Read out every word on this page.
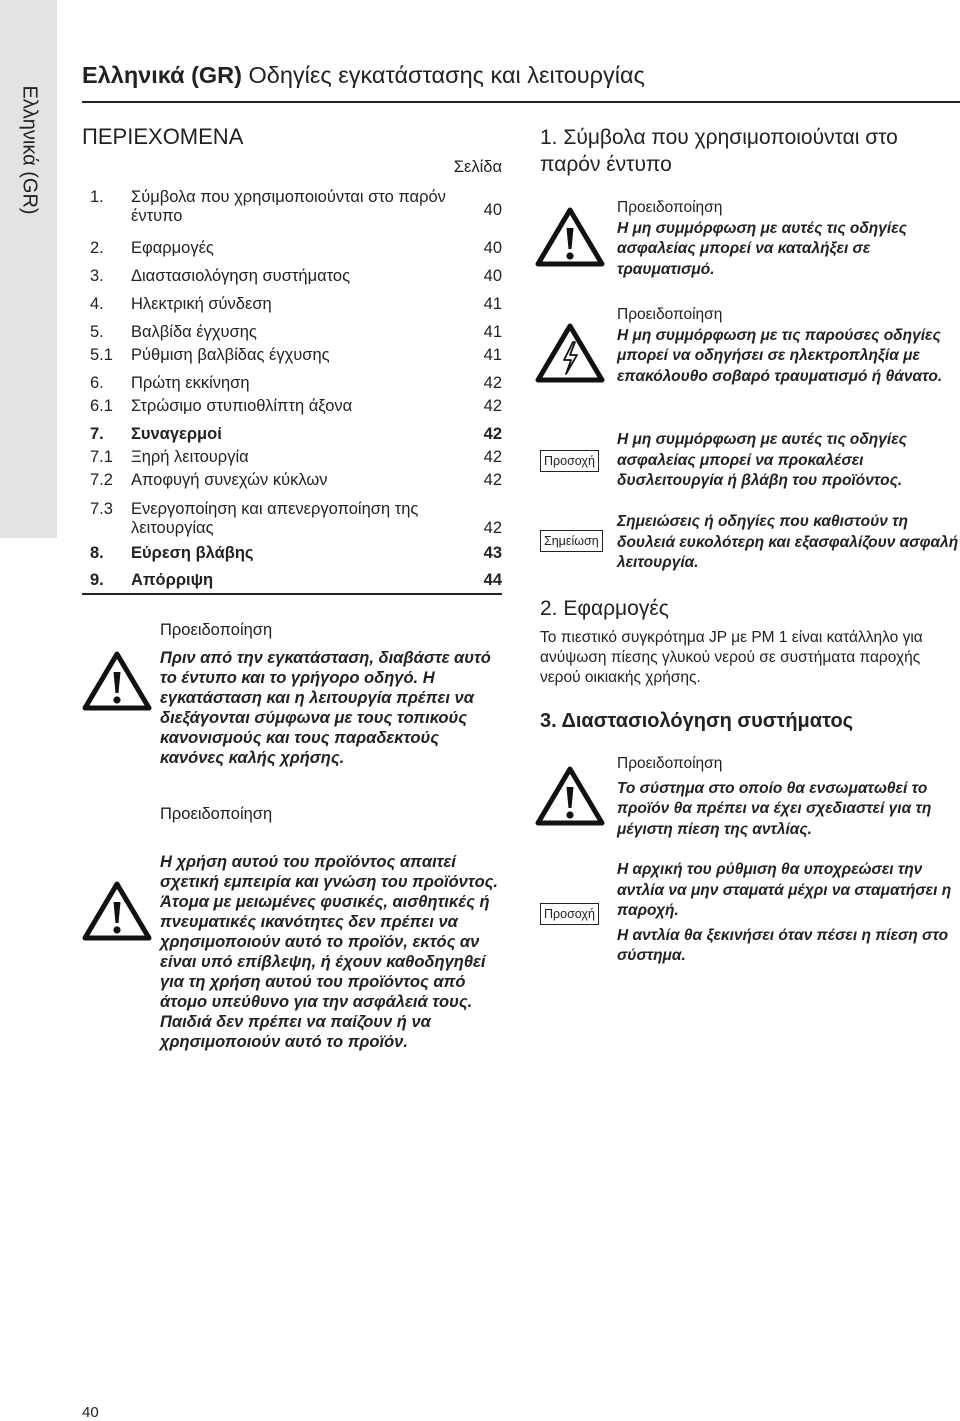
Ελληνικά (GR)
Ελληνικά (GR) Οδηγίες εγκατάστασης και λειτουργίας
ΠΕΡΙΕΧΟΜΕΝΑ
Σελίδα
1.	Σύμβολα που χρησιμοποιούνται στο παρόν έντυπο	40
2.	Εφαρμογές	40
3.	Διαστασιολόγηση συστήματος	40
4.	Ηλεκτρική σύνδεση	41
5.	Βαλβίδα έγχυσης	41
5.1	Ρύθμιση βαλβίδας έγχυσης	41
6.	Πρώτη εκκίνηση	42
6.1	Στρώσιμο στυπιοθλίπτη άξονα	42
7.	Συναγερμοί	42
7.1	Ξηρή λειτουργία	42
7.2	Αποφυγή συνεχών κύκλων	42
7.3	Ενεργοποίηση και απενεργοποίηση της λειτουργίας	42
8.	Εύρεση βλάβης	43
9.	Απόρριψη	44
Προειδοποίηση
Πριν από την εγκατάσταση, διαβάστε αυτό το έντυπο και το γρήγορο οδηγό. Η εγκατάσταση και η λειτουργία πρέπει να διεξάγονται σύμφωνα με τους τοπικούς κανονισμούς και τους παραδεκτούς κανόνες καλής χρήσης.

Προειδοποίηση

Η χρήση αυτού του προϊόντος απαιτεί σχετική εμπειρία και γνώση του προϊόντος.
Άτομα με μειωμένες φυσικές, αισθητικές ή πνευματικές ικανότητες δεν πρέπει να χρησιμοποιούν αυτό το προϊόν, εκτός αν είναι υπό επίβλεψη, ή έχουν καθοδηγηθεί για τη χρήση αυτού του προϊόντος από άτομο υπεύθυνο για την ασφάλειά τους.
Παιδιά δεν πρέπει να παίζουν ή να χρησιμοποιούν αυτό το προϊόν.

1. Σύμβολα που χρησιμοποιούνται στο παρόν έντυπο
Προειδοποίηση
Η μη συμμόρφωση με αυτές τις οδηγίες ασφαλείας μπορεί να καταλήξει σε τραυματισμό.
Προειδοποίηση
Η μη συμμόρφωση με τις παρούσες οδηγίες μπορεί να οδηγήσει σε ηλεκτροπληξία με επακόλουθο σοβαρό τραυματισμό ή θάνατο.
Προσοχή
Η μη συμμόρφωση με αυτές τις οδηγίες ασφαλείας μπορεί να προκαλέσει δυσλειτουργία ή βλάβη του προϊόντος.
Σημείωση
Σημειώσεις ή οδηγίες που καθιστούν τη δουλειά ευκολότερη και εξασφαλίζουν ασφαλή λειτουργία.
2. Εφαρμογές
Το πιεστικό συγκρότημα JP με PM 1 είναι κατάλληλο για ανύψωση πίεσης γλυκού νερού σε συστήματα παροχής νερού οικιακής χρήσης.
3. Διαστασιολόγηση συστήματος
Προειδοποίηση
Το σύστημα στο οποίο θα ενσωματωθεί το προϊόν θα πρέπει να έχει σχεδιαστεί για τη μέγιστη πίεση της αντλίας.
Προσοχή
Η αρχική του ρύθμιση θα υποχρεώσει την αντλία να μην σταματά μέχρι να σταματήσει η παροχή.
Η αντλία θα ξεκινήσει όταν πέσει η πίεση στο σύστημα.
40
